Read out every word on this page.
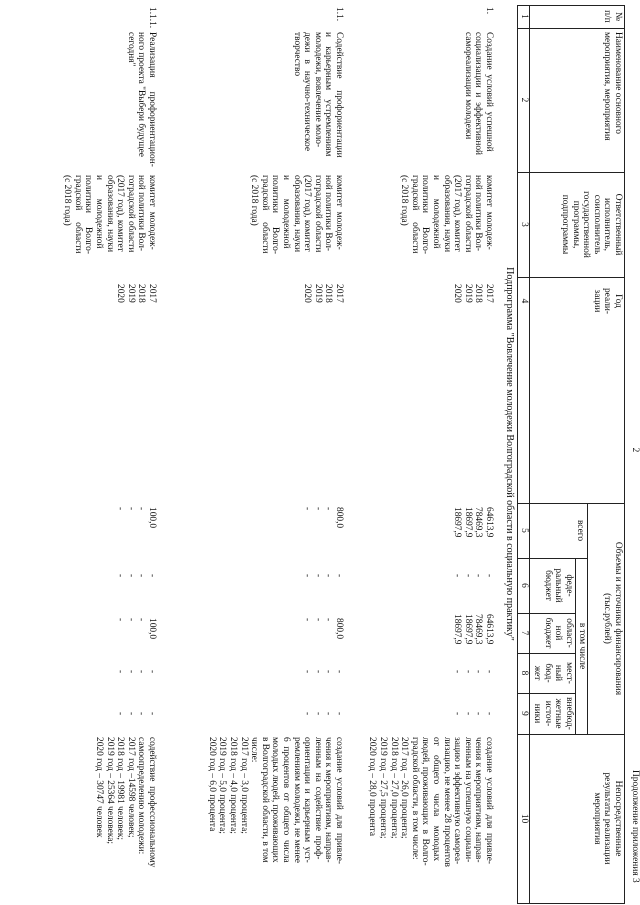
2
Продолжение приложения 3
№
п/п
Наименование основного
мероприятия, мероприятия
Ответственный
исполнитель,
соисполнитель
государственной
программы,
подпрограммы
Год
реали-
зации
Объемы и источники финансирования
(тыс.рублей)
всего
в том числе
феде-
ральный
бюджет
област-
ной
бюджет
мест-
ный
бюд-
жет
внебюд-
жетные
источ-
ники
Непосредственные
результаты реализации
мероприятия
1
2
3
4
5
6
7
8
9
10
Подпрограмма "Вовлечение молодежи Волгоградской области в социальную практику"
1.
Создание  условий  успешной
социализации  и  эффективной
самореализации молодежи
комитет  молодеж-
ной политики Вол-
гоградской области
(2017 год), комитет
образования, науки
и        молодежной
политики      Волго-
градской     области
(с 2018 года)
2017
2018
2019
2020
64613,9
78469,3
18697,9
18697,9
-
-
-
-
64613,9
78469,3
18697,9
18697,9
-
-
-
-
-
-
-
-
создание  условий  для  привле-
чения к мероприятиям, направ-
ленным на успешную социали-
зацию и эффективную самореа-
лизацию, не менее 28 процентов
от    общего    числа    молодых
людей, проживающих  в  Волго-
градской области, в том числе:
2017 год – 26,0 процента;
2018 год – 27,0 процента;
2019 год – 27,5 процента;
2020 год – 28,0 процента
1.1.
Содействие     профориентации
и    карьерным    устремлениям
молодежи, вовлечение моло-
дежи   в   научно-техническое
творчество
комитет  молодеж-
ной политики Вол-
гоградской области
(2017 год), комитет
образования, науки
и        молодежной
политики      Волго-
градской     области
(с 2018 года)
2017
2018
2019
2020
800,0
-
-
-
-
-
-
-
800,0
-
-
-
-
-
-
-
-
-
-
-
создание  условий  для  привле-
чения к мероприятиям, направ-
ленным  на  содействие  проф-
ориентации  и  карьерным  уст-
ремлениям молодежи, не менее
6  процентов  от  общего  числа
молодых людей, проживающих
в Волгоградской области, в том
числе:
2017 год – 3,0 процента;
2018 год – 4,0 процента;
2019 год – 5,0 процента;
2020 год – 6,0 процента
1.1.1.
Реализация      профориентацион-
ного проекта "Выбери будущее
сегодня"
комитет  молодеж-
ной политики Вол-
гоградской области
(2017 год), комитет
образования, науки
и        молодежной
политики      Волго-
градской     области
(с 2018 года)
2017
2018
2019
2020
100,0
-
-
-
-
-
-
-
100,0
-
-
-
-
-
-
-
-
-
-
-
содействие  профессиональному
самоопределению молодежи:
2017 год –14598 человек;
2018 год – 19981 человек;
2019 год – 25364 человека;
2020 год – 30747 человек
